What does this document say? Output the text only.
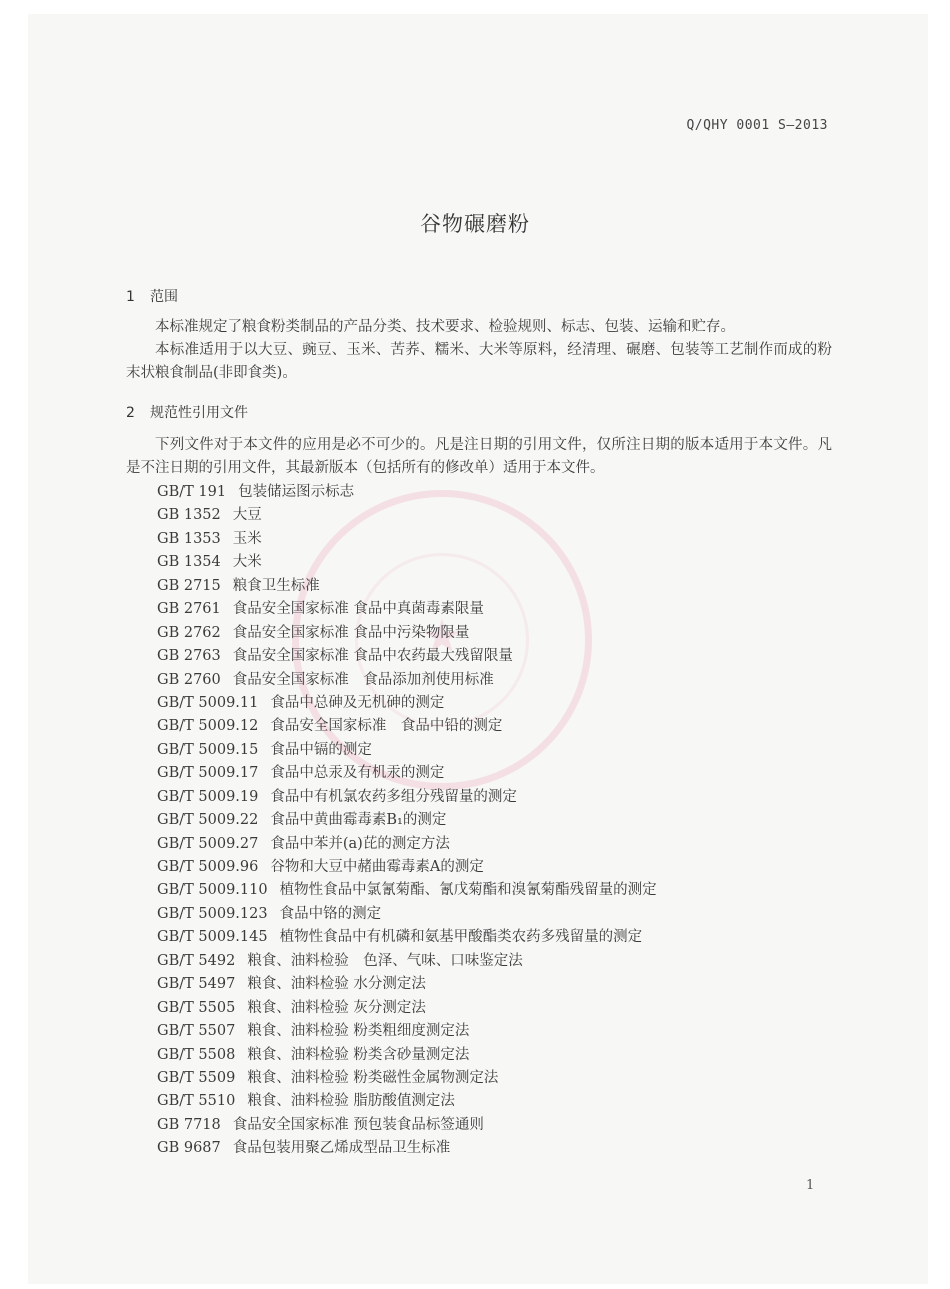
★
Q/QHY 0001 S—2013
谷物碾磨粉
1 范围
本标准规定了粮食粉类制品的产品分类、技术要求、检验规则、标志、包装、运输和贮存。
本标准适用于以大豆、豌豆、玉米、苦荞、糯米、大米等原料，经清理、碾磨、包装等工艺制作而成的粉末状粮食制品(非即食类)。
2 规范性引用文件
下列文件对于本文件的应用是必不可少的。凡是注日期的引用文件，仅所注日期的版本适用于本文件。凡是不注日期的引用文件，其最新版本（包括所有的修改单）适用于本文件。
GB/T 191 包装储运图示标志
GB 1352 大豆
GB 1353 玉米
GB 1354 大米
GB 2715 粮食卫生标准
GB 2761 食品安全国家标准 食品中真菌毒素限量
GB 2762 食品安全国家标准 食品中污染物限量
GB 2763 食品安全国家标准 食品中农药最大残留限量
GB 2760 食品安全国家标准　食品添加剂使用标准
GB/T 5009.11 食品中总砷及无机砷的测定
GB/T 5009.12 食品安全国家标准　食品中铅的测定
GB/T 5009.15 食品中镉的测定
GB/T 5009.17 食品中总汞及有机汞的测定
GB/T 5009.19 食品中有机氯农药多组分残留量的测定
GB/T 5009.22 食品中黄曲霉毒素B₁的测定
GB/T 5009.27 食品中苯并(a)芘的测定方法
GB/T 5009.96 谷物和大豆中赭曲霉毒素A的测定
GB/T 5009.110 植物性食品中氯氰菊酯、氰戊菊酯和溴氰菊酯残留量的测定
GB/T 5009.123 食品中铬的测定
GB/T 5009.145 植物性食品中有机磷和氨基甲酸酯类农药多残留量的测定
GB/T 5492 粮食、油料检验　色泽、气味、口味鉴定法
GB/T 5497 粮食、油料检验 水分测定法
GB/T 5505 粮食、油料检验 灰分测定法
GB/T 5507 粮食、油料检验 粉类粗细度测定法
GB/T 5508 粮食、油料检验 粉类含砂量测定法
GB/T 5509 粮食、油料检验 粉类磁性金属物测定法
GB/T 5510 粮食、油料检验 脂肪酸值测定法
GB 7718 食品安全国家标准 预包装食品标签通则
GB 9687 食品包装用聚乙烯成型品卫生标准
1
